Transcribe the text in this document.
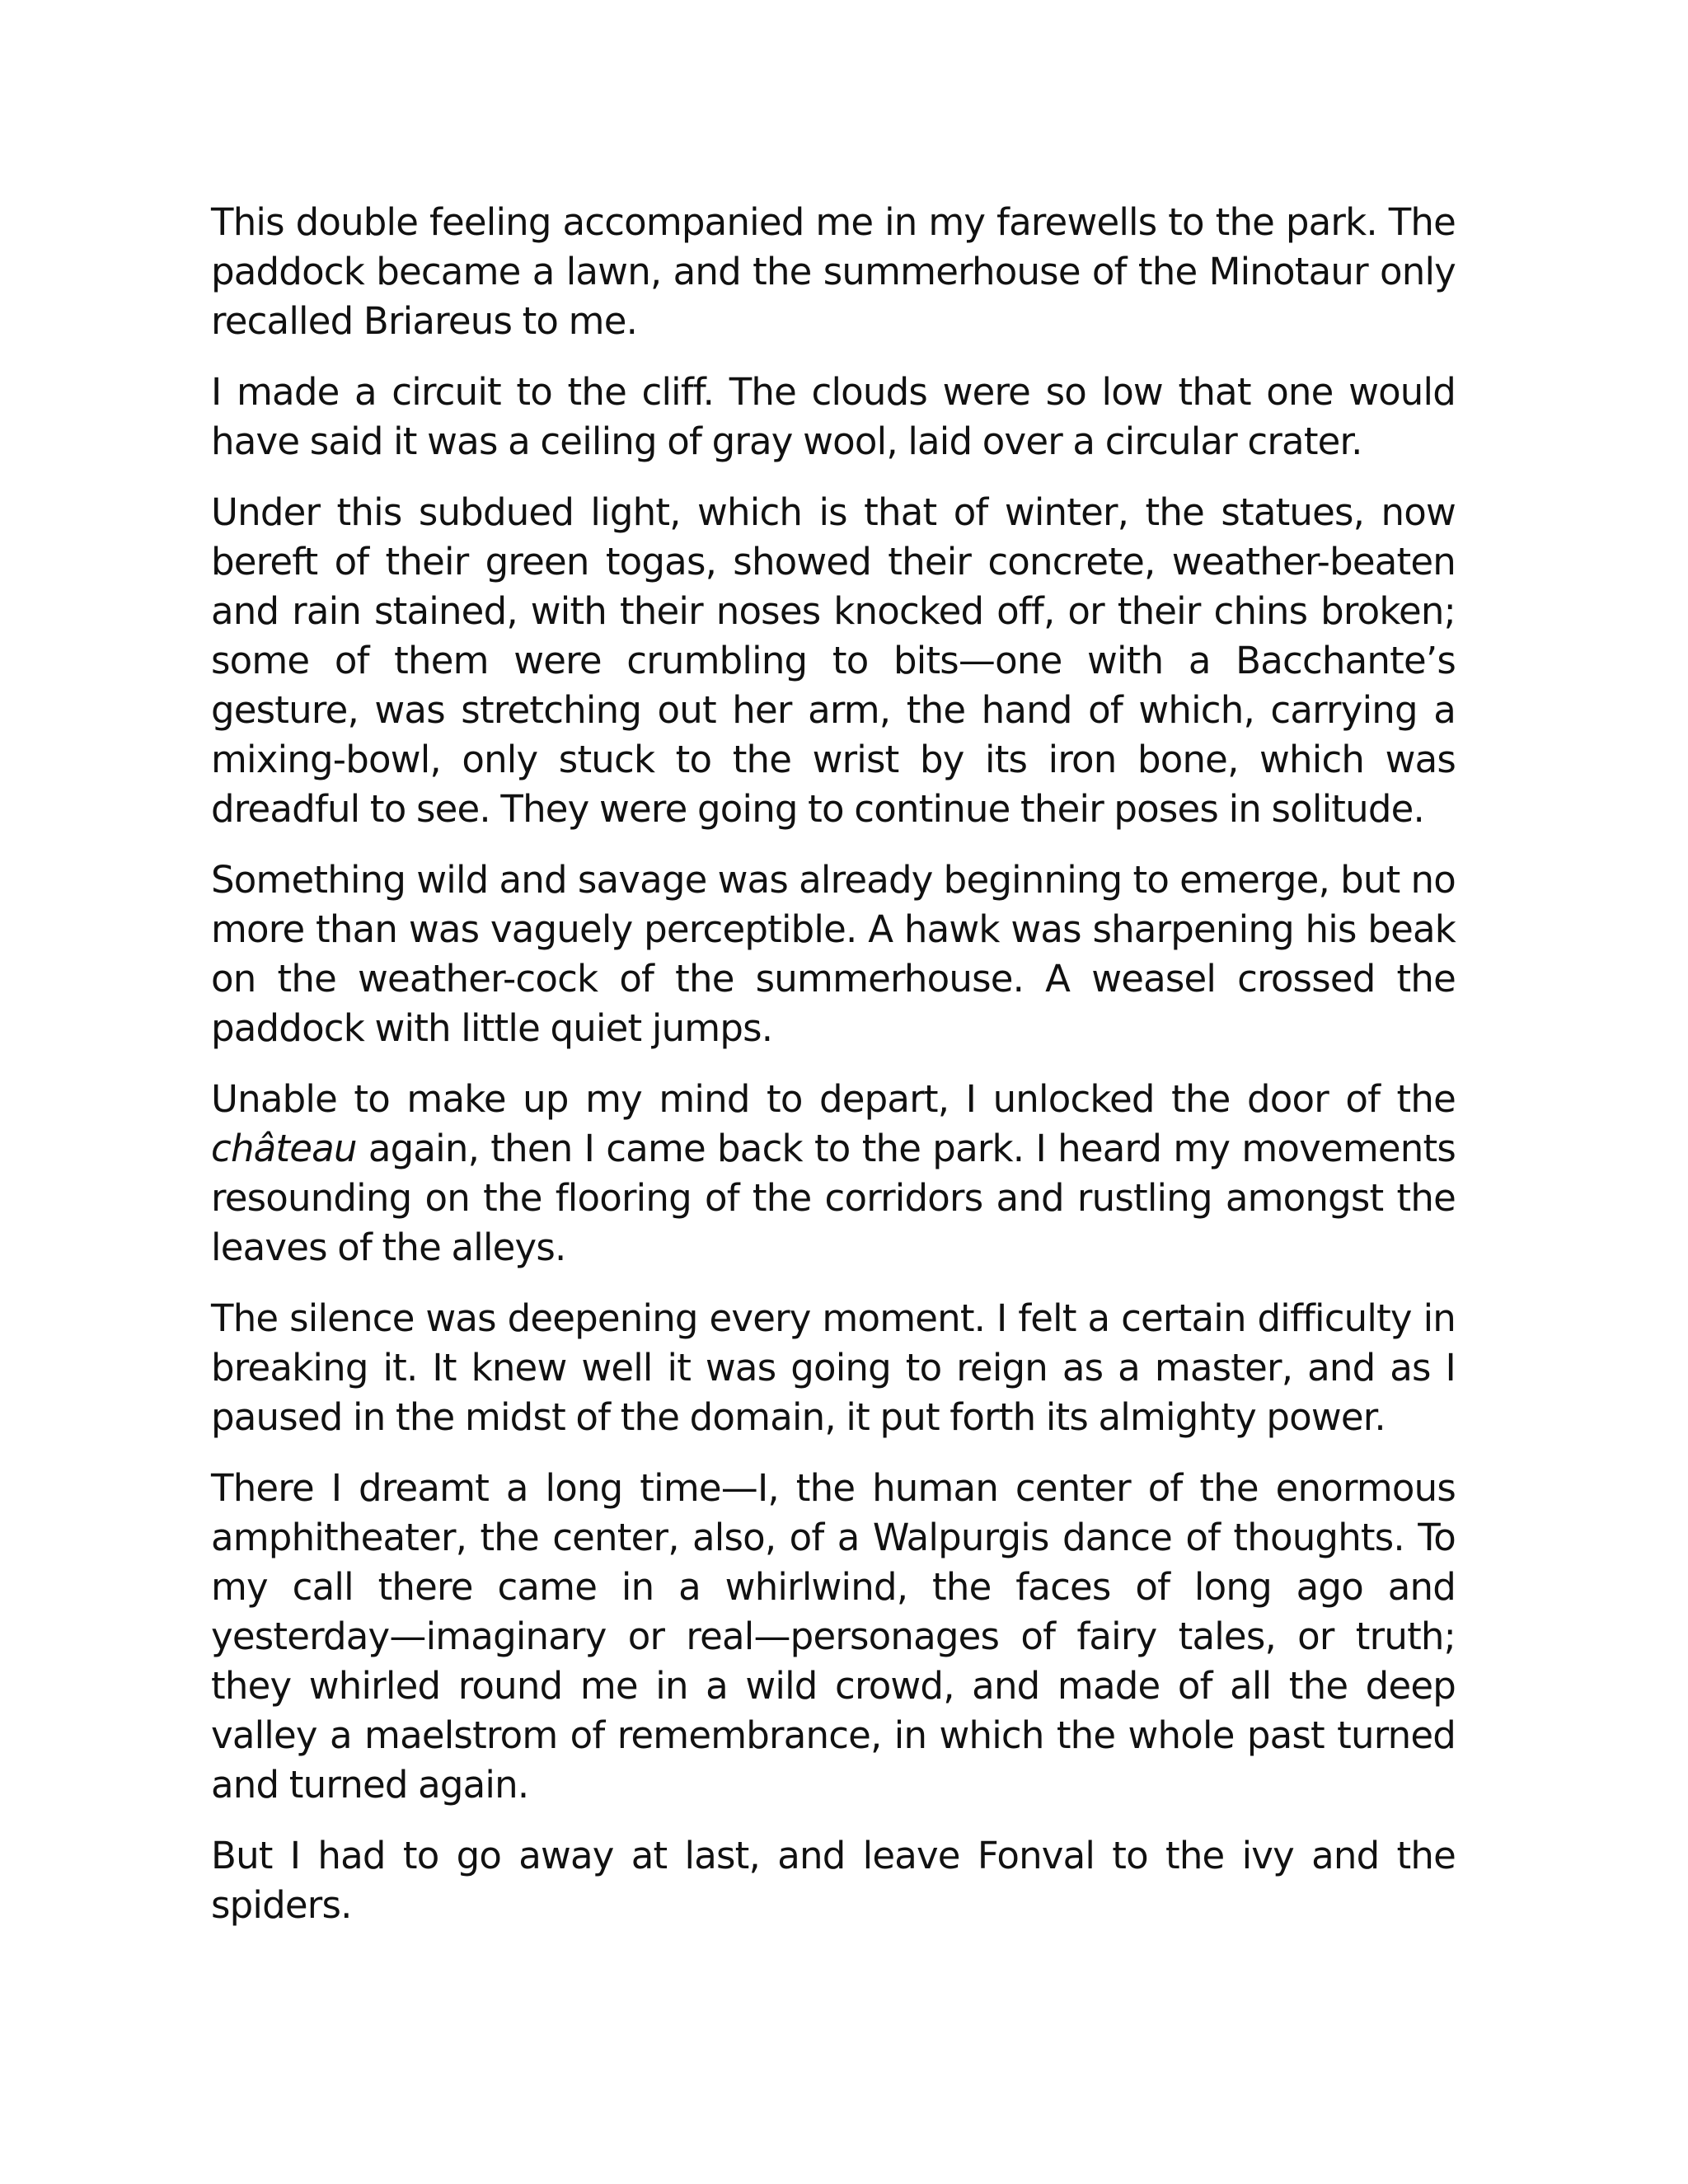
This double feeling accompanied me in my farewells to the park. The paddock became a lawn, and the summerhouse of the Minotaur only recalled Briareus to me.

I made a circuit to the cliff. The clouds were so low that one would have said it was a ceiling of gray wool, laid over a circular crater.

Under this subdued light, which is that of winter, the statues, now bereft of their green togas, showed their concrete, weather-beaten and rain stained, with their noses knocked off, or their chins broken; some of them were crumbling to bits—one with a Bacchante’s gesture, was stretching out her arm, the hand of which, carrying a mixing-bowl, only stuck to the wrist by its iron bone, which was dreadful to see. They were going to continue their poses in solitude.

Something wild and savage was already beginning to emerge, but no more than was vaguely perceptible. A hawk was sharpening his beak on the weather-cock of the summerhouse. A weasel crossed the paddock with little quiet jumps.

Unable to make up my mind to depart, I unlocked the door of the château again, then I came back to the park. I heard my movements resounding on the flooring of the corridors and rustling amongst the leaves of the alleys.

The silence was deepening every moment. I felt a certain difficulty in breaking it. It knew well it was going to reign as a master, and as I paused in the midst of the domain, it put forth its almighty power.

There I dreamt a long time—I, the human center of the enormous amphitheater, the center, also, of a Walpurgis dance of thoughts. To my call there came in a whirlwind, the faces of long ago and yesterday—imaginary or real—personages of fairy tales, or truth; they whirled round me in a wild crowd, and made of all the deep valley a maelstrom of remembrance, in which the whole past turned and turned again.

But I had to go away at last, and leave Fonval to the ivy and the spiders.
